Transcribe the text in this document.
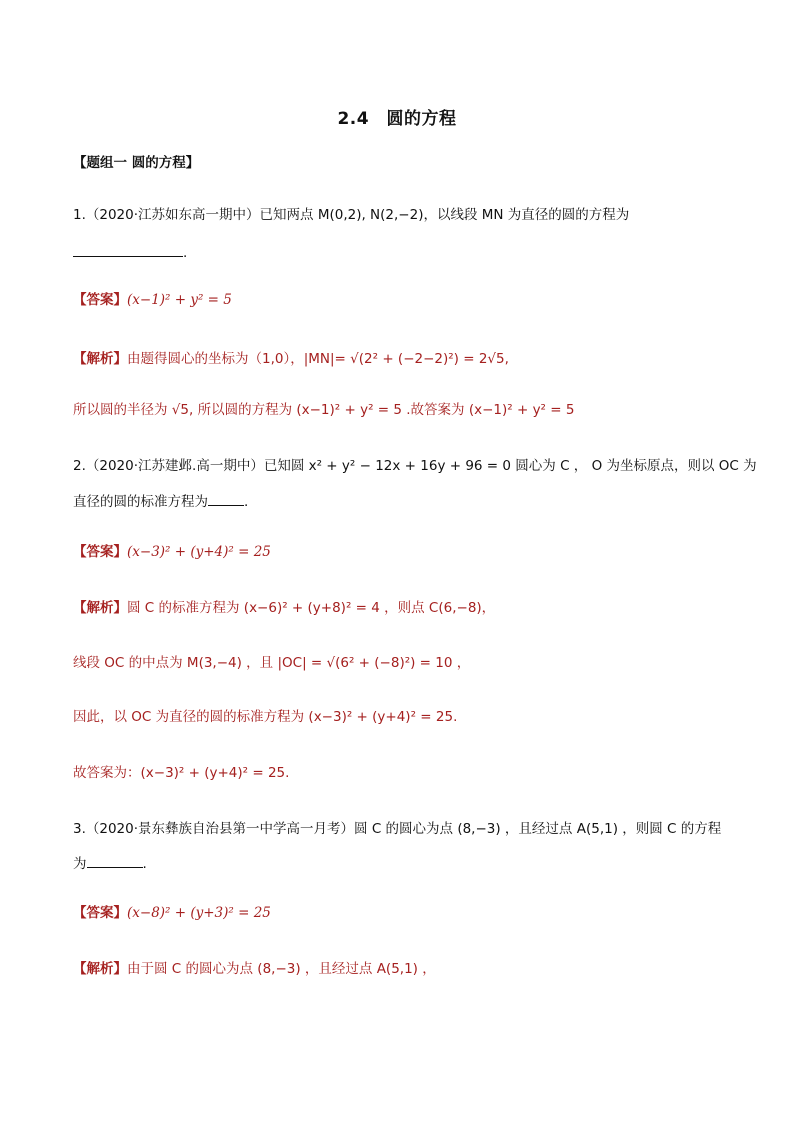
2.4　圆的方程
【题组一 圆的方程】
1.（2020·江苏如东高一期中）已知两点 M(0,2), N(2,−2)，以线段 MN 为直径的圆的方程为
.
【答案】(x−1)² + y² = 5
【解析】由题得圆心的坐标为（1,0），|MN|= √(2² + (−2−2)²) = 2√5,
所以圆的半径为 √5, 所以圆的方程为 (x−1)² + y² = 5 .故答案为 (x−1)² + y² = 5
2.（2020·江苏建邺.高一期中）已知圆 x² + y² − 12x + 16y + 96 = 0 圆心为 C ， O 为坐标原点，则以 OC 为
直径的圆的标准方程为	.
【答案】(x−3)² + (y+4)² = 25
【解析】圆 C 的标准方程为 (x−6)² + (y+8)² = 4 ，则点 C(6,−8)，
线段 OC 的中点为 M(3,−4) ，且 |OC| = √(6² + (−8)²) = 10 ，
因此，以 OC 为直径的圆的标准方程为 (x−3)² + (y+4)² = 25.
故答案为：(x−3)² + (y+4)² = 25.
3.（2020·景东彝族自治县第一中学高一月考）圆 C 的圆心为点 (8,−3) ，且经过点 A(5,1) ，则圆 C 的方程
为	.
【答案】(x−8)² + (y+3)² = 25
【解析】由于圆 C 的圆心为点 (8,−3) ，且经过点 A(5,1) ，
